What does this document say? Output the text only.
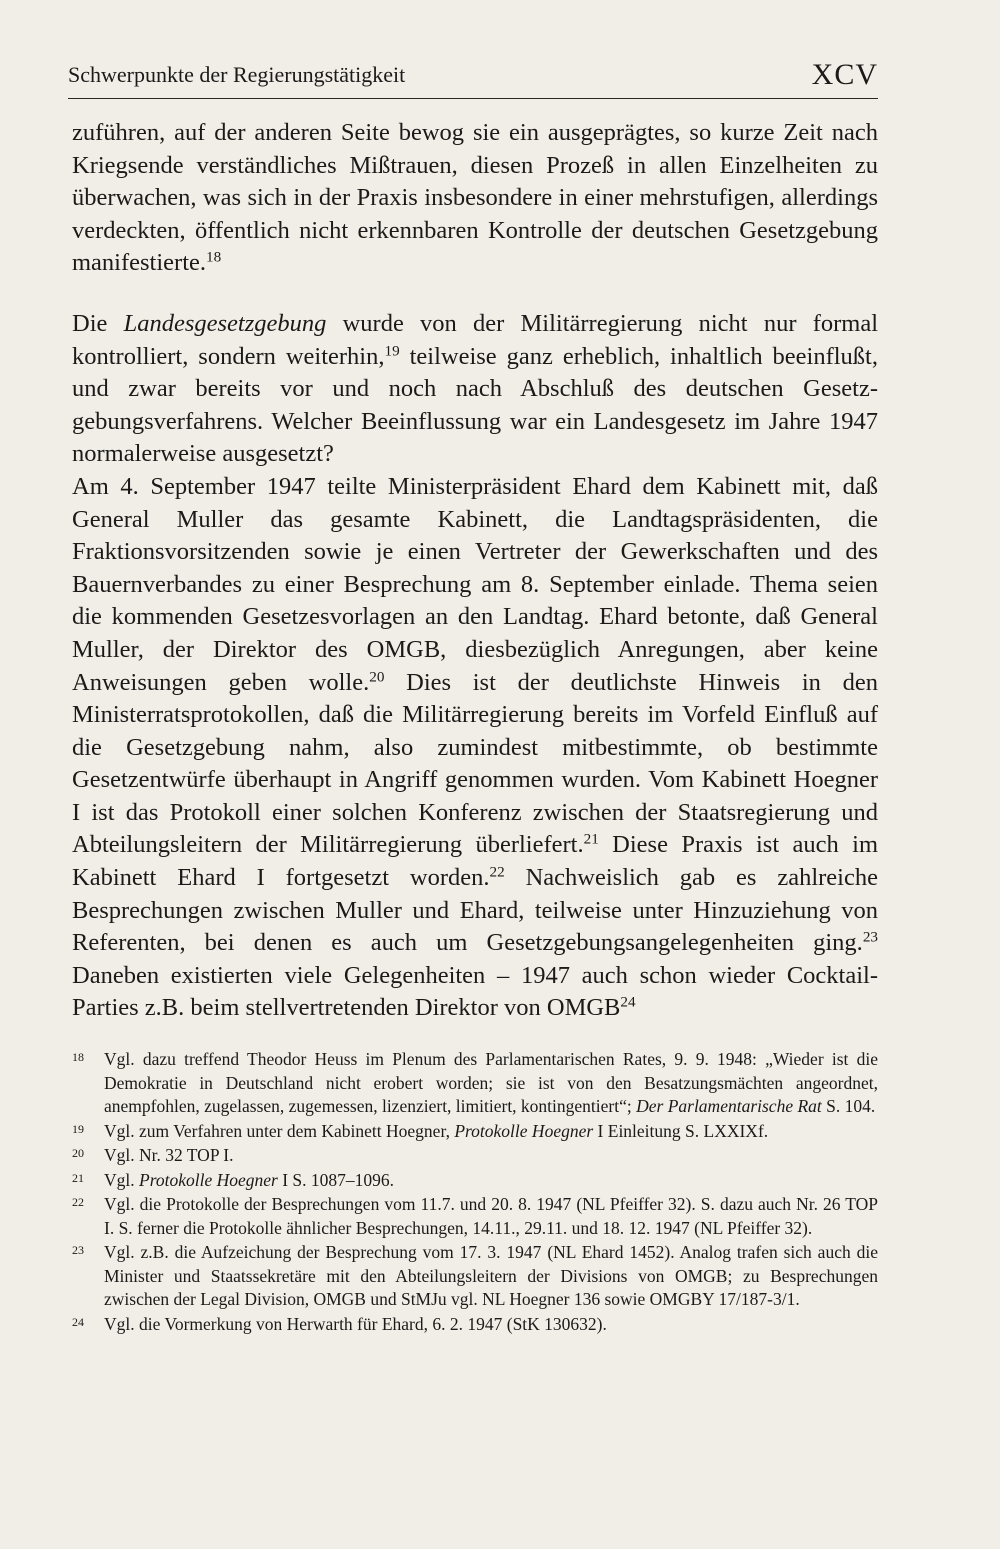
Schwerpunkte der Regierungstätigkeit	XCV

zuführen, auf der anderen Seite bewog sie ein ausgeprägtes, so kurze Zeit nach Kriegsende verständliches Mißtrauen, diesen Prozeß in allen Einzelheiten zu überwachen, was sich in der Praxis insbesondere in einer mehrstufigen, allerdings verdeckten, öffentlich nicht erkennbaren Kontrolle der deutschen Gesetzgebung manifestierte.$^{18}$

Die Landesgesetzgebung wurde von der Militärregierung nicht nur formal kontrolliert, sondern weiterhin,$^{19}$ teilweise ganz erheblich, inhaltlich beeinflußt, und zwar bereits vor und noch nach Abschluß des deutschen Gesetzgebungsverfahrens. Welcher Beeinflussung war ein Landesgesetz im Jahre 1947 normalerweise ausgesetzt?

Am 4. September 1947 teilte Ministerpräsident Ehard dem Kabinett mit, daß General Muller das gesamte Kabinett, die Landtagspräsidenten, die Fraktionsvorsitzenden sowie je einen Vertreter der Gewerkschaften und des Bauernverbandes zu einer Besprechung am 8. September einlade. Thema seien die kommenden Gesetzesvorlagen an den Landtag. Ehard betonte, daß General Muller, der Direktor des OMGB, diesbezüglich Anregungen, aber keine Anweisungen geben wolle.$^{20}$ Dies ist der deutlichste Hinweis in den Ministerratsprotokollen, daß die Militärregierung bereits im Vorfeld Einfluß auf die Gesetzgebung nahm, also zumindest mitbestimmte, ob bestimmte Gesetzentwürfe überhaupt in Angriff genommen wurden. Vom Kabinett Hoegner I ist das Protokoll einer solchen Konferenz zwischen der Staatsregierung und Abteilungsleitern der Militärregierung überliefert.$^{21}$ Diese Praxis ist auch im Kabinett Ehard I fortgesetzt worden.$^{22}$ Nachweislich gab es zahlreiche Besprechungen zwischen Muller und Ehard, teilweise unter Hinzuziehung von Referenten, bei denen es auch um Gesetzgebungsangelegenheiten ging.$^{23}$ Daneben existierten viele Gelegenheiten – 1947 auch schon wieder Cocktail-Parties z.B. beim stellvertretenden Direktor von OMGB$^{24}$

18 Vgl. dazu treffend Theodor Heuss im Plenum des Parlamentarischen Rates, 9. 9. 1948: „Wieder ist die Demokratie in Deutschland nicht erobert worden; sie ist von den Besatzungsmächten angeordnet, anempfohlen, zugelassen, zugemessen, lizenziert, limitiert, kontingentiert“; Der Parlamentarische Rat S. 104.
19 Vgl. zum Verfahren unter dem Kabinett Hoegner, Protokolle Hoegner I Einleitung S. LXXIXf.
20 Vgl. Nr. 32 TOP I.
21 Vgl. Protokolle Hoegner I S. 1087–1096.
22 Vgl. die Protokolle der Besprechungen vom 11.7. und 20. 8. 1947 (NL Pfeiffer 32). S. dazu auch Nr. 26 TOP I. S. ferner die Protokolle ähnlicher Besprechungen, 14.11., 29.11. und 18. 12. 1947 (NL Pfeiffer 32).
23 Vgl. z.B. die Aufzeichung der Besprechung vom 17. 3. 1947 (NL Ehard 1452). Analog trafen sich auch die Minister und Staatssekretäre mit den Abteilungsleitern der Divisions von OMGB; zu Besprechungen zwischen der Legal Division, OMGB und StMJu vgl. NL Hoegner 136 sowie OMGBY 17/187-3/1.
24 Vgl. die Vormerkung von Herwarth für Ehard, 6. 2. 1947 (StK 130632).
